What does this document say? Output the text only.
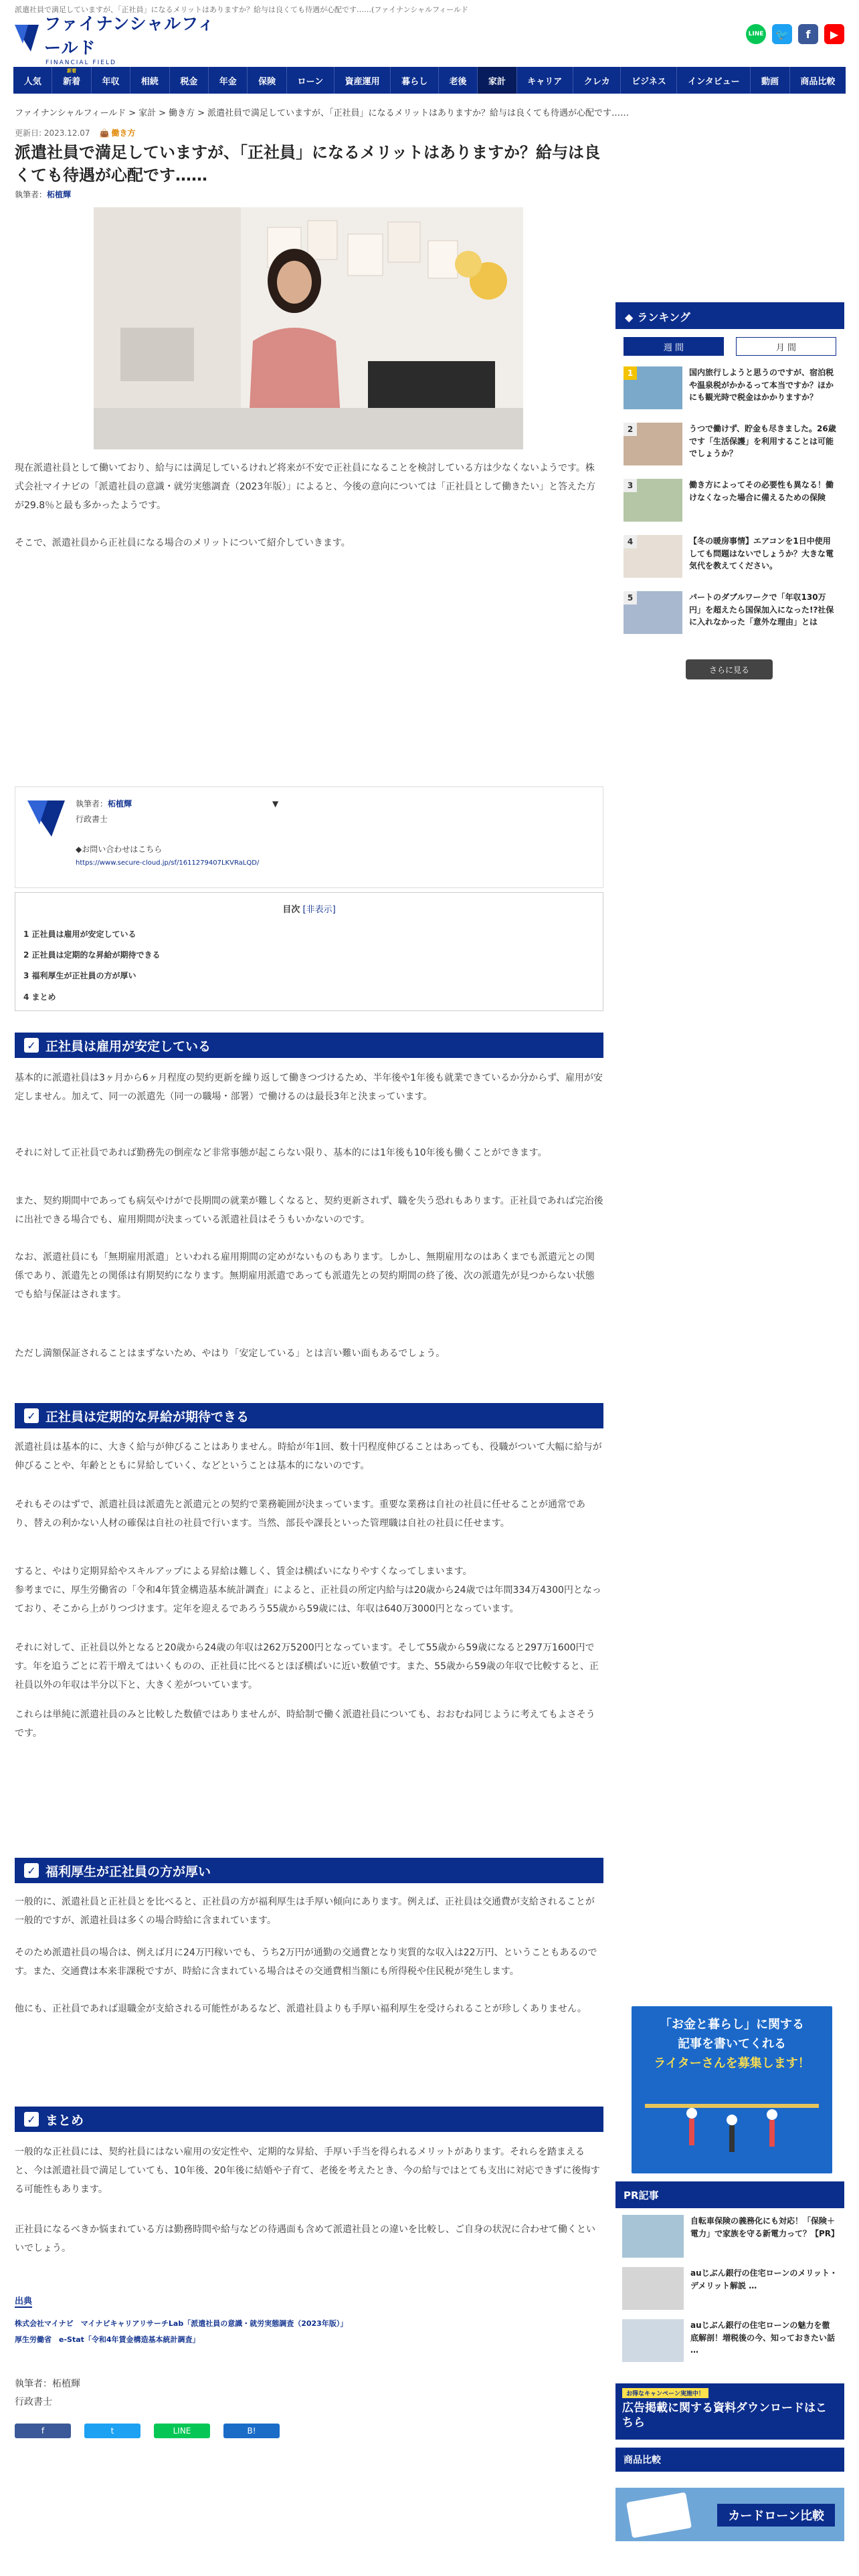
派遣社員で満足していますが、「正社員」になるメリットはありますか？給与は良くても待遇が心配です……(ファイナンシャルフィールド
ファイナンシャルフィールド
FINANCIAL FIELD
LINE	🐦	f	▶
人気
新着
新着 年収 相続 税金 年金 保険 ローン 資産運用 暮らし 老後 家計 キャリア クレカ ビジネス インタビュー 動画 商品比較
ファイナンシャルフィールド > 家計 > 働き方 > 派遣社員で満足していますが、「正社員」になるメリットはありますか？給与は良くても待遇が心配です……
更新日: 2023.12.07 👜 働き方
派遣社員で満足していますが、「正社員」になるメリットはありますか？給与は良くても待遇が心配です……
執筆者：柘植輝

現在派遣社員として働いており、給与には満足しているけれど将来が不安で正社員になることを検討している方は少なくないようです。株式会社マイナビの「派遣社員の意識・就労実態調査（2023年版）」によると、今後の意向については「正社員として働きたい」と答えた方が29.8％と最も多かったようです。

そこで、派遣社員から正社員になる場合のメリットについて紹介していきます。

◆ ランキング
週 間	月 間
1	国内旅行しようと思うのですが、宿泊税や温泉税がかかるって本当ですか？ほかにも観光時で税金はかかりますか？
2	うつで働けず、貯金も尽きました。26歳です「生活保護」を利用することは可能でしょうか？
3	働き方によってその必要性も異なる！働けなくなった場合に備えるための保険
4	【冬の暖房事情】エアコンを1日中使用しても問題はないでしょうか？大きな電気代を教えてください。
5	パートのダブルワークで「年収130万円」を超えたら国保加入になった!?社保に入れなかった「意外な理由」とは
さらに見る
執筆者：柘植輝	▼
行政書士
◆お問い合わせはこちら
https://www.secure-cloud.jp/sf/1611279407LKVRaLQD/
目次 [非表示]
1 正社員は雇用が安定している
2 正社員は定期的な昇給が期待できる
3 福利厚生が正社員の方が厚い
4 まとめ
✓ 正社員は雇用が安定している

基本的に派遣社員は3ヶ月から6ヶ月程度の契約更新を繰り返して働きつづけるため、半年後や1年後も就業できているか分からず、雇用が安定しません。加えて、同一の派遣先（同一の職場・部署）で働けるのは最長3年と決まっています。

それに対して正社員であれば勤務先の倒産など非常事態が起こらない限り、基本的には1年後も10年後も働くことができます。

また、契約期間中であっても病気やけがで長期間の就業が難しくなると、契約更新されず、職を失う恐れもあります。正社員であれば完治後に出社できる場合でも、雇用期間が決まっている派遣社員はそうもいかないのです。

なお、派遣社員にも「無期雇用派遣」といわれる雇用期間の定めがないものもあります。しかし、無期雇用なのはあくまでも派遣元との関係であり、派遣先との関係は有期契約になります。無期雇用派遣であっても派遣先との契約期間の終了後、次の派遣先が見つからない状態でも給与保証はされます。

ただし満額保証されることはまずないため、やはり「安定している」とは言い難い面もあるでしょう。

✓ 正社員は定期的な昇給が期待できる

派遣社員は基本的に、大きく給与が伸びることはありません。時給が年1回、数十円程度伸びることはあっても、役職がついて大幅に給与が伸びることや、年齢とともに昇給していく、などということは基本的にないのです。

それもそのはずで、派遣社員は派遣先と派遣元との契約で業務範囲が決まっています。重要な業務は自社の社員に任せることが通常であり、替えの利かない人材の確保は自社の社員で行います。当然、部長や課長といった管理職は自社の社員に任せます。

すると、やはり定期昇給やスキルアップによる昇給は難しく、賃金は横ばいになりやすくなってしまいます。

参考までに、厚生労働省の「令和4年賃金構造基本統計調査」によると、正社員の所定内給与は20歳から24歳では年間334万4300円となっており、そこから上がりつづけます。定年を迎えるであろう55歳から59歳には、年収は640万3000円となっています。

それに対して、正社員以外となると20歳から24歳の年収は262万5200円となっています。そして55歳から59歳になると297万1600円です。年を追うごとに若干増えてはいくものの、正社員に比べるとほぼ横ばいに近い数値です。また、55歳から59歳の年収で比較すると、正社員以外の年収は半分以下と、大きく差がついています。

これらは単純に派遣社員のみと比較した数値ではありませんが、時給制で働く派遣社員についても、おおむね同じように考えてもよさそうです。

✓ 福利厚生が正社員の方が厚い

一般的に、派遣社員と正社員とを比べると、正社員の方が福利厚生は手厚い傾向にあります。例えば、正社員は交通費が支給されることが一般的ですが、派遣社員は多くの場合時給に含まれています。

そのため派遣社員の場合は、例えば月に24万円稼いでも、うち2万円が通勤の交通費となり実質的な収入は22万円、ということもあるのです。また、交通費は本来非課税ですが、時給に含まれている場合はその交通費相当額にも所得税や住民税が発生します。

他にも、正社員であれば退職金が支給される可能性があるなど、派遣社員よりも手厚い福利厚生を受けられることが珍しくありません。

✓ まとめ

一般的な正社員には、契約社員にはない雇用の安定性や、定期的な昇給、手厚い手当を得られるメリットがあります。それらを踏まえると、今は派遣社員で満足していても、10年後、20年後に結婚や子育て、老後を考えたとき、今の給与ではとても支出に対応できずに後悔する可能性もあります。

正社員になるべきか悩まれている方は勤務時間や給与などの待遇面も含めて派遣社員との違いを比較し、ご自身の状況に合わせて働くといいでしょう。

出典
株式会社マイナビ　マイナビキャリアリサーチLab「派遣社員の意識・就労実態調査（2023年版）」
厚生労働省　e-Stat「令和4年賃金構造基本統計調査」
執筆者：柘植輝
行政書士
f	t	LINE	B!
「お金と暮らし」に関する
記事を書いてくれる
ライターさんを募集します！
PR記事
自転車保険の義務化にも対応！「保険＋電力」で家族を守る新電力って？【PR】
auじぶん銀行の住宅ローンのメリット・デメリット解説 …
auじぶん銀行の住宅ローンの魅力を徹底解剖！増税後の今、知っておきたい話 …
お得なキャンペーン実施中！
広告掲載に関する資料ダウンロードはこちら
商品比較
カードローン比較
